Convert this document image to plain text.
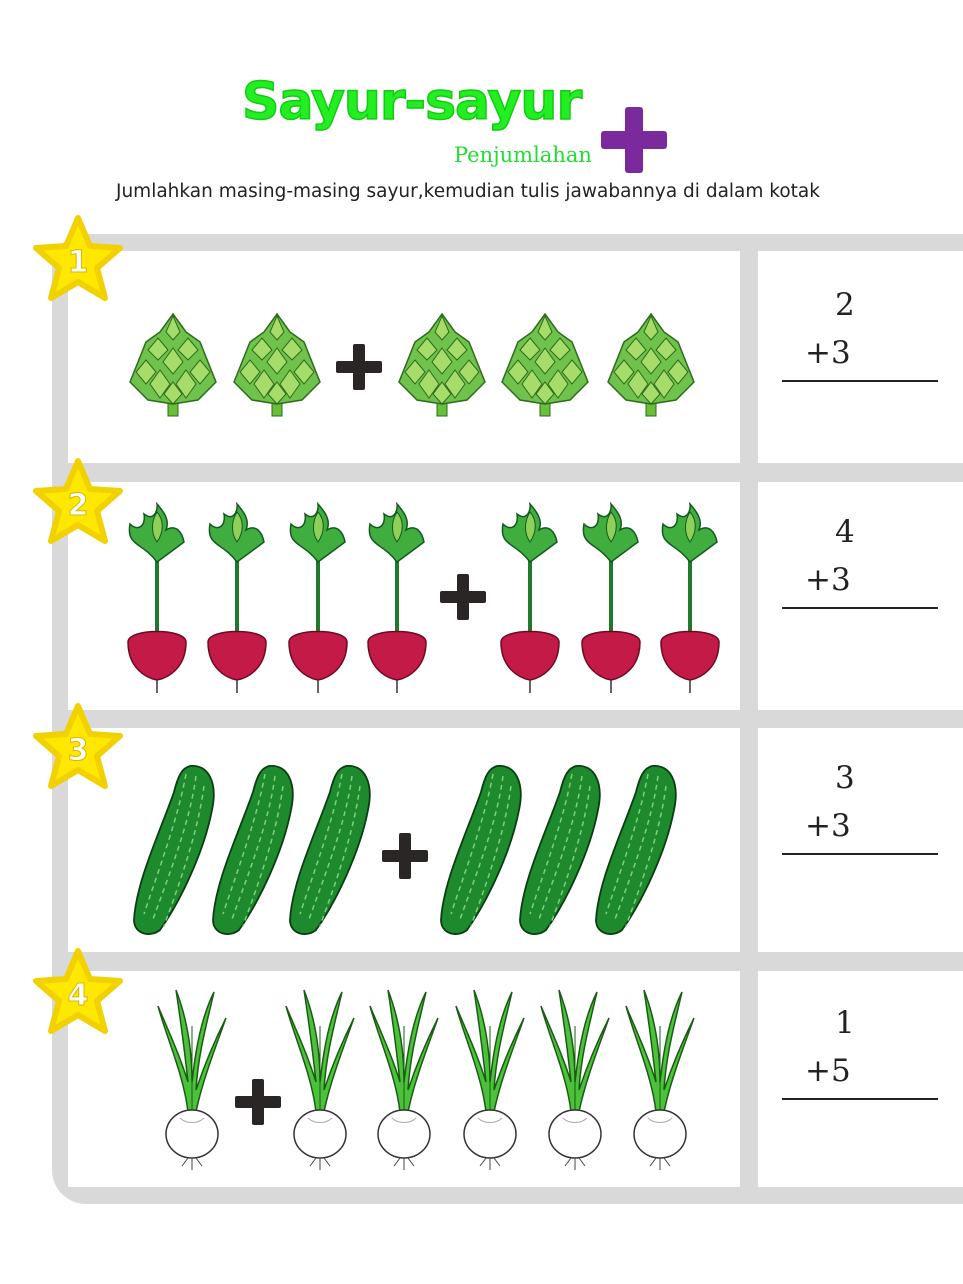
Sayur-sayur
Penjumlahan
Jumlahkan masing-masing sayur,kemudian tulis jawabannya di dalam kotak
1
2
3
4
2
+3
4
+3
3
+3
1
+5
